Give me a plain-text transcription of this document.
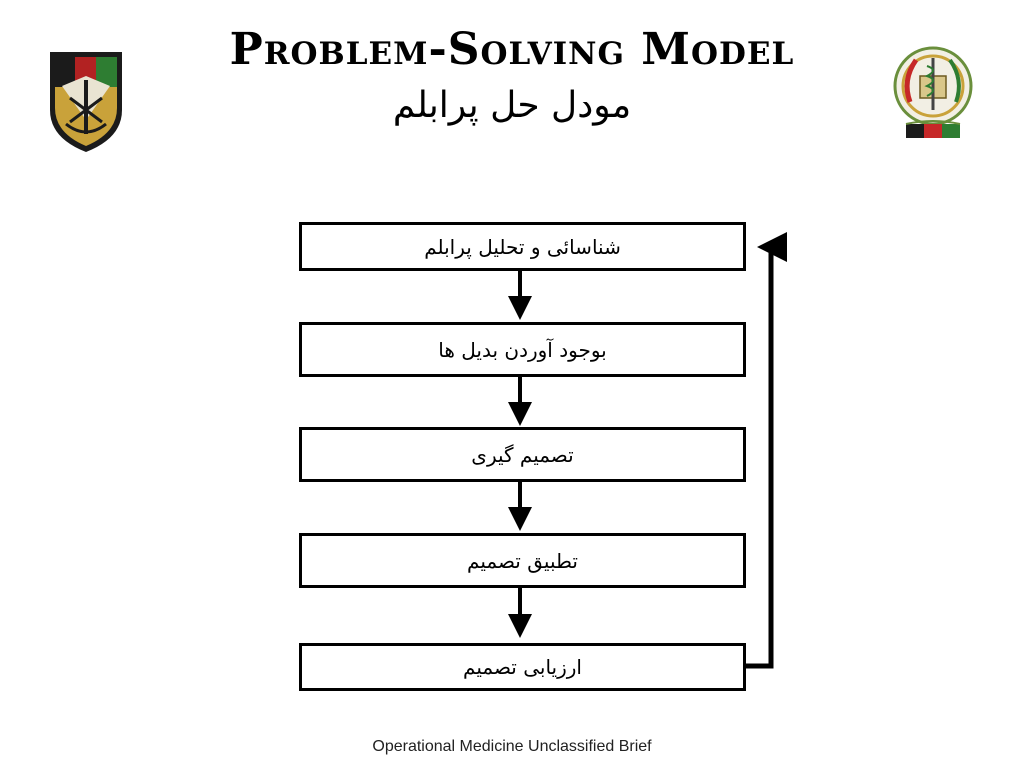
Problem-Solving Model
مودل حل پرابلم
شناسائی و تحلیل پرابلم
بوجود آوردن بدیل ها
تصمیم گیری
تطبیق تصمیم
ارزیابی تصمیم
Operational Medicine Unclassified Brief
